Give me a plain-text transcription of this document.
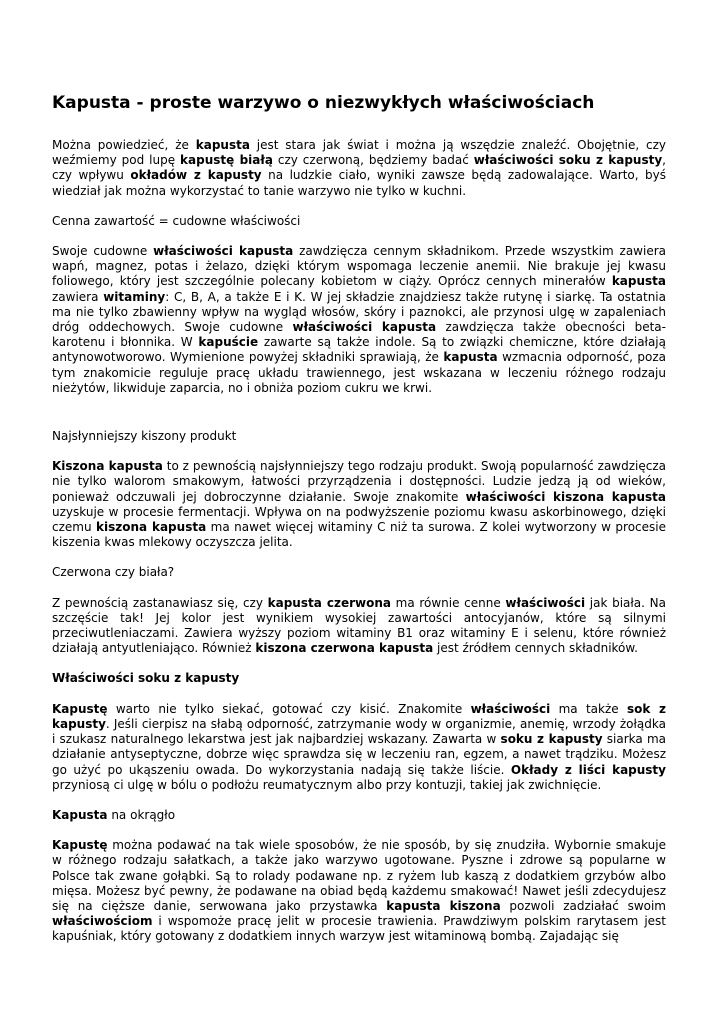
Kapusta - proste warzywo o niezwykłych właściwościach
Można powiedzieć, że kapusta jest stara jak świat i można ją wszędzie znaleźć. Obojętnie, czy weźmiemy pod lupę kapustę białą czy czerwoną, będziemy badać właściwości soku z kapusty, czy wpływu okładów z kapusty na ludzkie ciało, wyniki zawsze będą zadowalające. Warto, byś wiedział jak można wykorzystać to tanie warzywo nie tylko w kuchni.
Cenna zawartość = cudowne właściwości
Swoje cudowne właściwości kapusta zawdzięcza cennym składnikom. Przede wszystkim zawiera wapń, magnez, potas i żelazo, dzięki którym wspomaga leczenie anemii. Nie brakuje jej kwasu foliowego, który jest szczególnie polecany kobietom w ciąży. Oprócz cennych minerałów kapusta zawiera witaminy: C, B, A, a także E i K. W jej składzie znajdziesz także rutynę i siarkę. Ta ostatnia ma nie tylko zbawienny wpływ na wygląd włosów, skóry i paznokci, ale przynosi ulgę w zapaleniach dróg oddechowych. Swoje cudowne właściwości kapusta zawdzięcza także obecności beta-karotenu i błonnika. W kapuście zawarte są także indole. Są to związki chemiczne, które działają antynowotworowo. Wymienione powyżej składniki sprawiają, że kapusta wzmacnia odporność, poza tym znakomicie reguluje pracę układu trawiennego, jest wskazana w leczeniu różnego rodzaju nieżytów, likwiduje zaparcia, no i obniża poziom cukru we krwi.
Najsłynniejszy kiszony produkt
Kiszona kapusta to z pewnością najsłynniejszy tego rodzaju produkt. Swoją popularność zawdzięcza nie tylko walorom smakowym, łatwości przyrządzenia i dostępności. Ludzie jedzą ją od wieków, ponieważ odczuwali jej dobroczynne działanie. Swoje znakomite właściwości kiszona kapusta uzyskuje w procesie fermentacji. Wpływa on na podwyższenie poziomu kwasu askorbinowego, dzięki czemu kiszona kapusta ma nawet więcej witaminy C niż ta surowa. Z kolei wytworzony w procesie kiszenia kwas mlekowy oczyszcza jelita.
Czerwona czy biała?
Z pewnością zastanawiasz się, czy kapusta czerwona ma równie cenne właściwości jak biała. Na szczęście tak! Jej kolor jest wynikiem wysokiej zawartości antocyjanów, które są silnymi przeciwutleniaczami. Zawiera wyższy poziom witaminy B1 oraz witaminy E i selenu, które również działają antyutleniająco. Również kiszona czerwona kapusta jest źródłem cennych składników.
Właściwości soku z kapusty
Kapustę warto nie tylko siekać, gotować czy kisić. Znakomite właściwości ma także sok z kapusty. Jeśli cierpisz na słabą odporność, zatrzymanie wody w organizmie, anemię, wrzody żołądka i szukasz naturalnego lekarstwa jest jak najbardziej wskazany. Zawarta w soku z kapusty siarka ma działanie antyseptyczne, dobrze więc sprawdza się w leczeniu ran, egzem, a nawet trądziku. Możesz go użyć po ukąszeniu owada. Do wykorzystania nadają się także liście. Okłady z liści kapusty przyniosą ci ulgę w bólu o podłożu reumatycznym albo przy kontuzji, takiej jak zwichnięcie.
Kapusta na okrągło
Kapustę można podawać na tak wiele sposobów, że nie sposób, by się znudziła. Wybornie smakuje w różnego rodzaju sałatkach, a także jako warzywo ugotowane. Pyszne i zdrowe są popularne w Polsce tak zwane gołąbki. Są to rolady podawane np. z ryżem lub kaszą z dodatkiem grzybów albo mięsa. Możesz być pewny, że podawane na obiad będą każdemu smakować! Nawet jeśli zdecydujesz się na cięższe danie, serwowana jako przystawka kapusta kiszona pozwoli zadziałać swoim właściwościom i wspomoże pracę jelit w procesie trawienia. Prawdziwym polskim rarytasem jest kapuśniak, który gotowany z dodatkiem innych warzyw jest witaminową bombą. Zajadając się
